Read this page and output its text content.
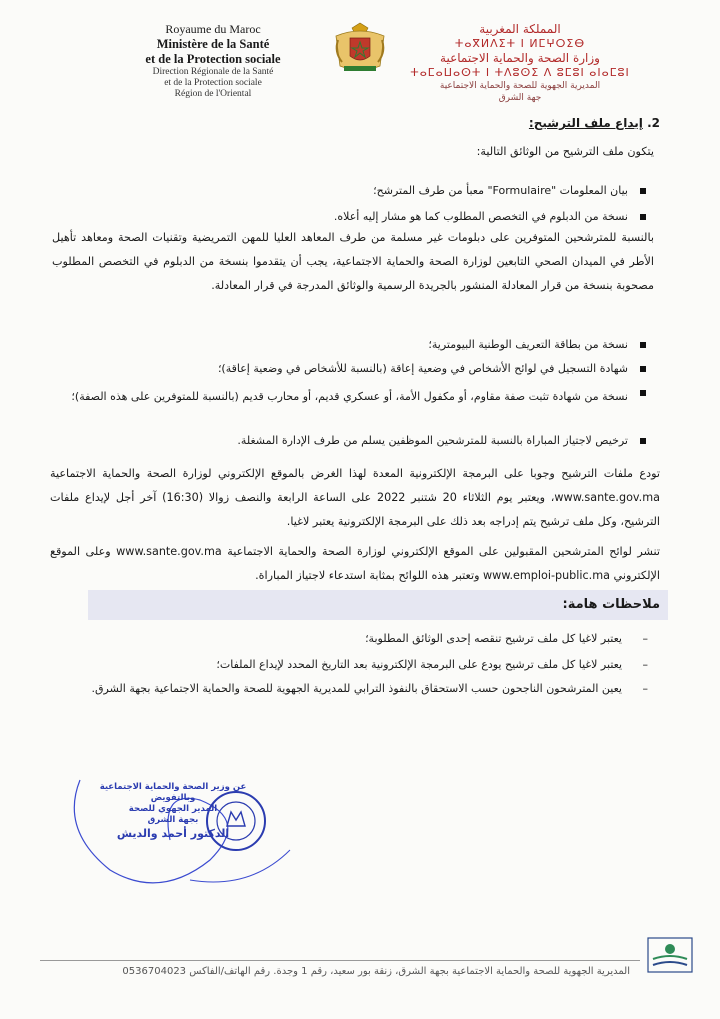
Royaume du Maroc
Ministère de la Santé
et de la Protection sociale
Direction Régionale de la Santé
et de la Protection sociale
Région de l'Oriental
المملكة المغربية
ⵜⴰⴳⵍⴷⵉⵜ ⵏ ⵍⵎⵖⵔⵉⴱ
وزارة الصحة والحماية الاجتماعية
ⵜⴰⵎⴰⵡⴰⵙⵜ ⵏ ⵜⴷⵓⵙⵉ ⴷ ⵓⵎⵓⵏ ⴰⵏⴰⵎⵓⵏ
المديرية الجهوية للصحة والحماية الاجتماعية
جهة الشرق
2. إيداع ملف الترشيح:
يتكون ملف الترشيح من الوثائق التالية:
بيان المعلومات "Formulaire" معبأ من طرف المترشح؛
نسخة من الدبلوم في التخصص المطلوب كما هو مشار إليه أعلاه.
بالنسبة للمترشحين المتوفرين على دبلومات غير مسلمة من طرف المعاهد العليا للمهن التمريضية وتقنيات الصحة ومعاهد تأهيل الأطر في الميدان الصحي التابعين لوزارة الصحة والحماية الاجتماعية، يجب أن يتقدموا بنسخة من الدبلوم في التخصص المطلوب مصحوبة بنسخة من قرار المعادلة المنشور بالجريدة الرسمية والوثائق المدرجة في قرار المعادلة.
نسخة من بطاقة التعريف الوطنية البيومترية؛
شهادة التسجيل في لوائح الأشخاص في وضعية إعاقة (بالنسبة للأشخاص في وضعية إعاقة)؛
نسخة من شهادة تثبت صفة مقاوم، أو مكفول الأمة، أو عسكري قديم، أو محارب قديم (بالنسبة للمتوفرين على هذه الصفة)؛
ترخيص لاجتياز المباراة بالنسبة للمترشحين الموظفين يسلم من طرف الإدارة المشغلة.
تودع ملفات الترشيح وجوبا على البرمجة الإلكترونية المعدة لهذا الغرض بالموقع الإلكتروني لوزارة الصحة والحماية الاجتماعية www.sante.gov.ma، ويعتبر يوم الثلاثاء 20 شتنبر 2022 على الساعة الرابعة والنصف زوالا (16:30) آخر أجل لإيداع ملفات الترشيح، وكل ملف ترشيح يتم إدراجه بعد ذلك على البرمجة الإلكترونية يعتبر لاغيا.
تنشر لوائح المترشحين المقبولين على الموقع الإلكتروني لوزارة الصحة والحماية الاجتماعية www.sante.gov.ma وعلى الموقع الإلكتروني www.emploi-public.ma وتعتبر هذه اللوائح بمثابة استدعاء لاجتياز المباراة.
ملاحظات هامة:
–
يعتبر لاغيا كل ملف ترشيح تنقصه إحدى الوثائق المطلوبة؛
–
يعتبر لاغيا كل ملف ترشيح يودع على البرمجة الإلكترونية بعد التاريخ المحدد لإيداع الملفات؛
–
يعين المترشحون الناجحون حسب الاستحقاق بالنفوذ الترابي للمديرية الجهوية للصحة والحماية الاجتماعية بجهة الشرق.
عن وزير الصحة والحماية الاجتماعية
وبالتفويض
المدير الجهوي للصحة
بجهة الشرق
الدكتور أحمد والديش
المديرية الجهوية للصحة والحماية الاجتماعية بجهة الشرق، زنقة بور سعيد، رقم 1 وجدة. رقم الهاتف/الفاكس 0536704023
